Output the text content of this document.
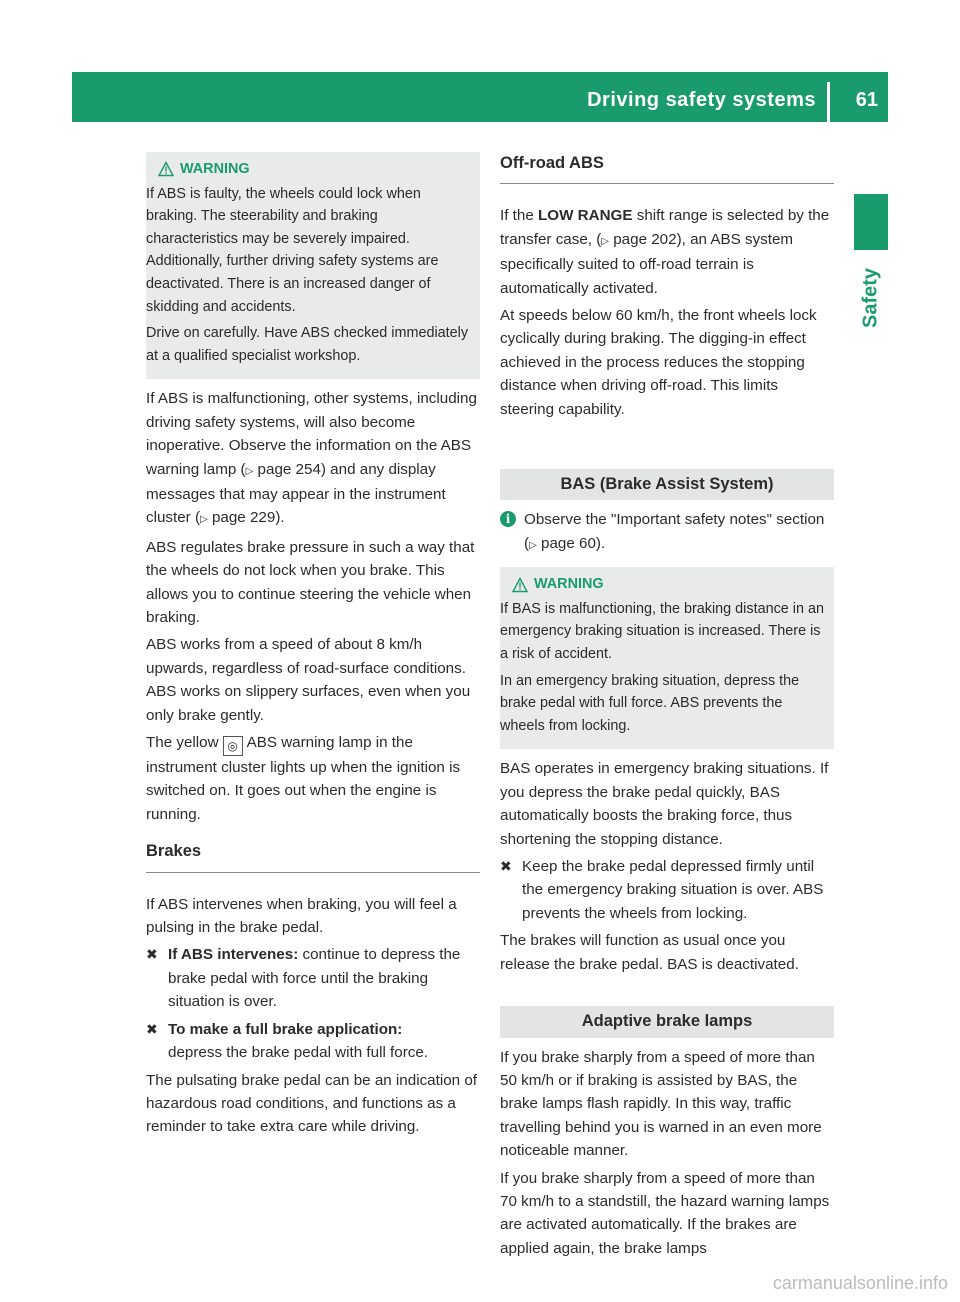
Driving safety systems 61
Safety
WARNING

If ABS is faulty, the wheels could lock when braking. The steerability and braking characteristics may be severely impaired. Additionally, further driving safety systems are deactivated. There is an increased danger of skidding and accidents.

Drive on carefully. Have ABS checked immediately at a qualified specialist workshop.

If ABS is malfunctioning, other systems, including driving safety systems, will also become inoperative. Observe the information on the ABS warning lamp (▷ page 254) and any display messages that may appear in the instrument cluster (▷ page 229).

ABS regulates brake pressure in such a way that the wheels do not lock when you brake. This allows you to continue steering the vehicle when braking.

ABS works from a speed of about 8 km/h upwards, regardless of road-surface conditions. ABS works on slippery surfaces, even when you only brake gently.

The yellow ◎ ABS warning lamp in the instrument cluster lights up when the ignition is switched on. It goes out when the engine is running.

Brakes

If ABS intervenes when braking, you will feel a pulsing in the brake pedal.

✖ If ABS intervenes: continue to depress the brake pedal with force until the braking situation is over.
✖ To make a full brake application:
depress the brake pedal with full force.

The pulsating brake pedal can be an indication of hazardous road conditions, and functions as a reminder to take extra care while driving.

Off-road ABS

If the LOW RANGE shift range is selected by the transfer case, (▷ page 202), an ABS system specifically suited to off-road terrain is automatically activated.

At speeds below 60 km/h, the front wheels lock cyclically during braking. The digging-in effect achieved in the process reduces the stopping distance when driving off-road. This limits steering capability.

BAS (Brake Assist System)
i Observe the "Important safety notes" section (▷ page 60).
WARNING

If BAS is malfunctioning, the braking distance in an emergency braking situation is increased. There is a risk of accident.

In an emergency braking situation, depress the brake pedal with full force. ABS prevents the wheels from locking.

BAS operates in emergency braking situations. If you depress the brake pedal quickly, BAS automatically boosts the braking force, thus shortening the stopping distance.

✖ Keep the brake pedal depressed firmly until the emergency braking situation is over. ABS prevents the wheels from locking.

The brakes will function as usual once you release the brake pedal. BAS is deactivated.

Adaptive brake lamps

If you brake sharply from a speed of more than 50 km/h or if braking is assisted by BAS, the brake lamps flash rapidly. In this way, traffic travelling behind you is warned in an even more noticeable manner.

If you brake sharply from a speed of more than 70 km/h to a standstill, the hazard warning lamps are activated automatically. If the brakes are applied again, the brake lamps

carmanualsonline.info
